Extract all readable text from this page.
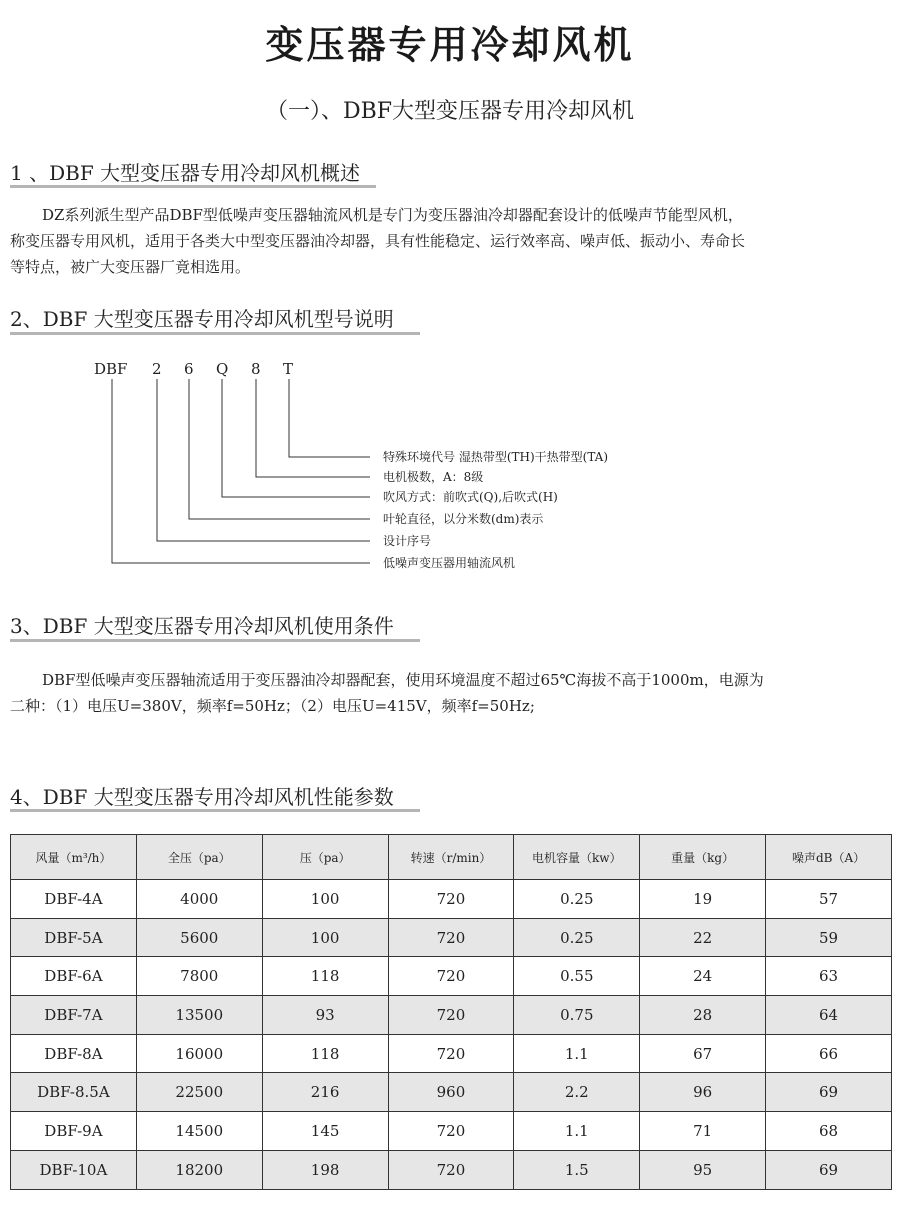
变压器专用冷却风机
（一）、DBF大型变压器专用冷却风机
1 、DBF 大型变压器专用冷却风机概述
DZ系列派生型产品DBF型低噪声变压器轴流风机是专门为变压器油冷却器配套设计的低噪声节能型风机，
称变压器专用风机，适用于各类大中型变压器油冷却器，具有性能稳定、运行效率高、噪声低、振动小、寿命长
等特点，被广大变压器厂竟相选用。
2、DBF 大型变压器专用冷却风机型号说明
DBF 2 6 Q 8 T
特殊环境代号 湿热带型(TH)干热带型(TA)
电机极数，A：8级
吹风方式：前吹式(Q),后吹式(H)
叶轮直径，以分米数(dm)表示
设计序号
低噪声变压器用轴流风机
3、DBF 大型变压器专用冷却风机使用条件
DBF型低噪声变压器轴流适用于变压器油冷却器配套，使用环境温度不超过65℃海拔不高于1000m，电源为
二种：（1）电压U=380V，频率f=50Hz；（2）电压U=415V，频率f=50Hz;
4、DBF 大型变压器专用冷却风机性能参数
风量（m³/h）	全压（pa）	压（pa）	转速（r/min）	电机容量（kw）	重量（kg）	噪声dB（A）
DBF-4A	4000	100	720	0.25	19	57
DBF-5A	5600	100	720	0.25	22	59
DBF-6A	7800	118	720	0.55	24	63
DBF-7A	13500	93	720	0.75	28	64
DBF-8A	16000	118	720	1.1	67	66
DBF-8.5A	22500	216	960	2.2	96	69
DBF-9A	14500	145	720	1.1	71	68
DBF-10A	18200	198	720	1.5	95	69
